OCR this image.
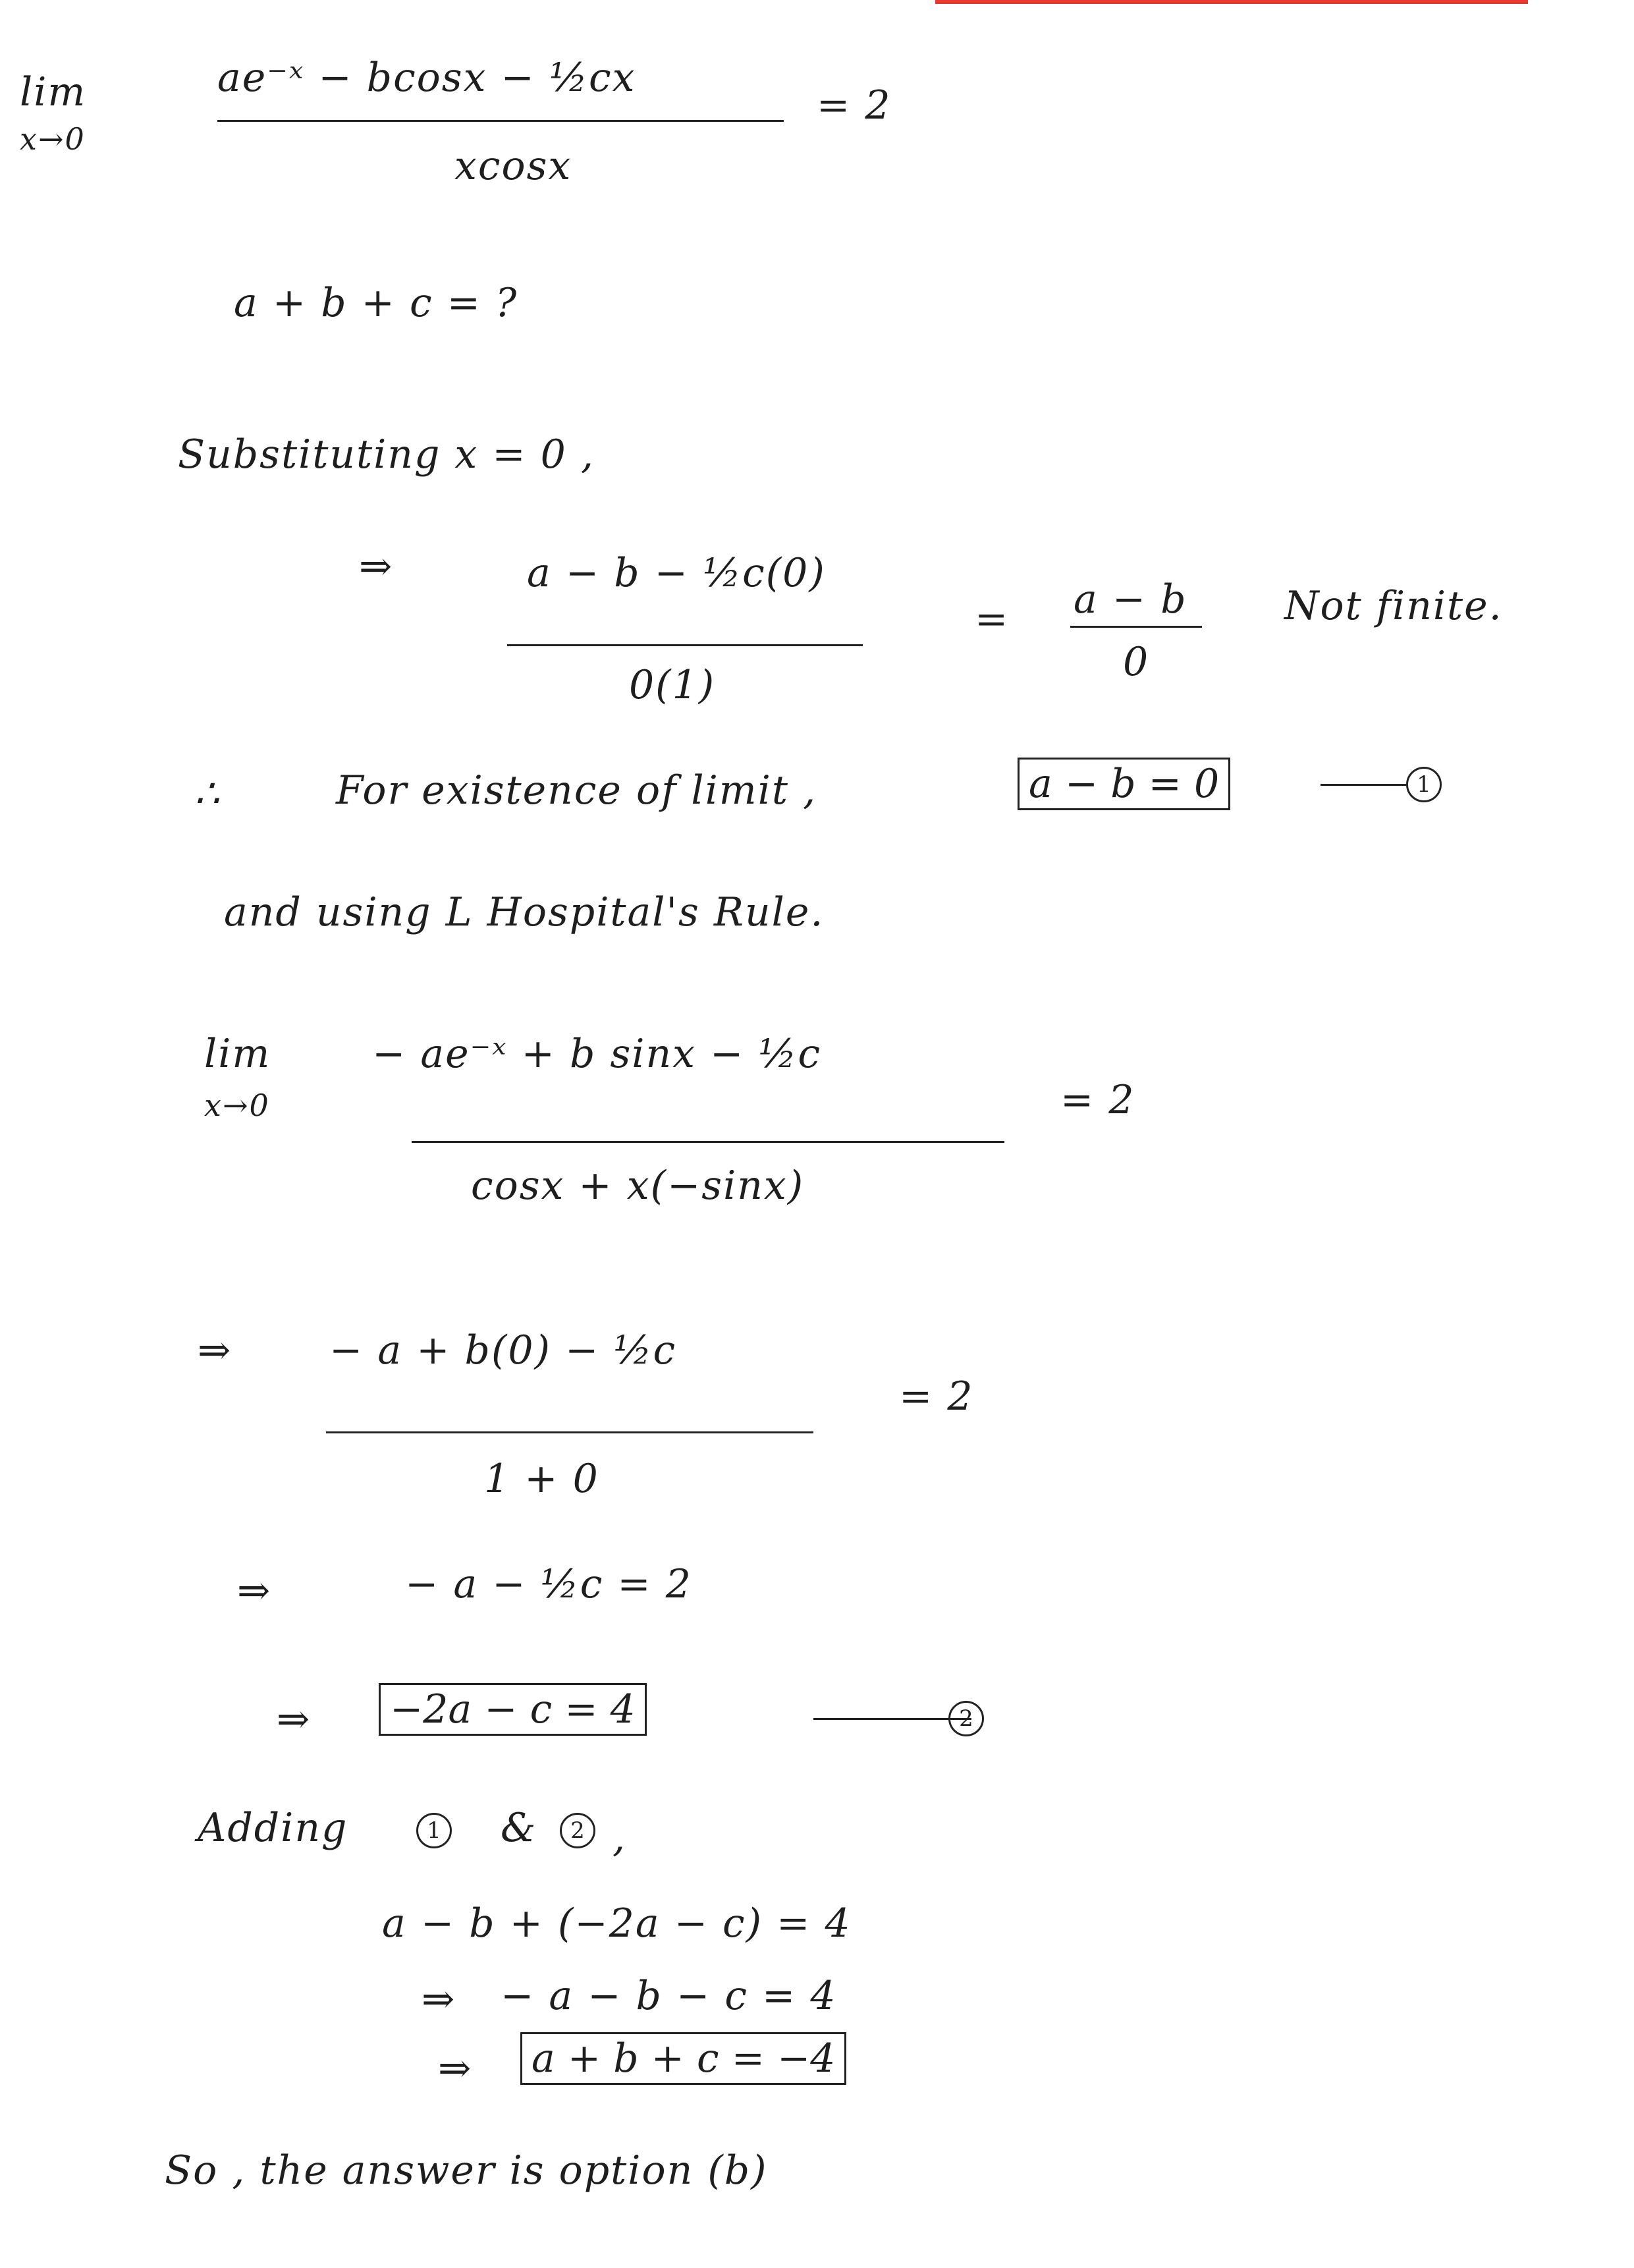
lim
x→0
ae⁻ˣ − bcosx − ½cx
xcosx
= 2
a + b + c = ?
Substituting x = 0 ,
⇒	a − b − ½c(0)
0(1)
= a − b
0
Not finite.
∴	For existence of limit ,	a − b = 0	1
and using L Hospital's Rule.
lim
x→0
− ae⁻ˣ + b sinx − ½c
cosx + x(−sinx)
= 2
⇒ − a + b(0) − ½c
1 + 0
= 2
⇒	− a − ½c = 2
⇒ −2a − c = 4	2
Adding	1 &	2 ,
a − b + (−2a − c) = 4
⇒ − a − b − c = 4
⇒ a + b + c = −4
So , the answer is option (b)
